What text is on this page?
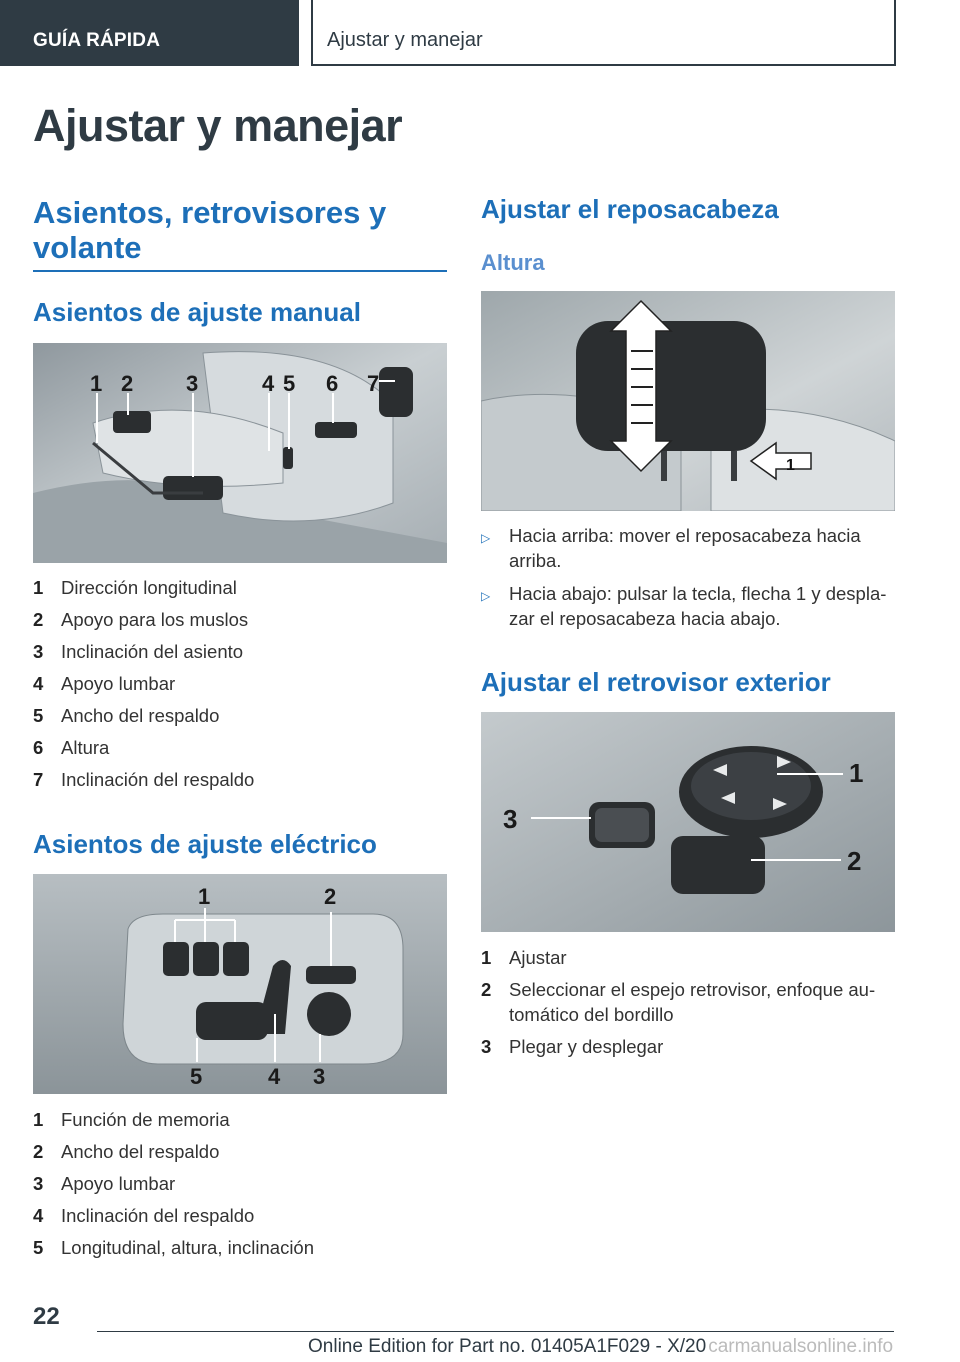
GUÍA RÁPIDA	Ajustar y manejar
Ajustar y manejar
Asientos, retrovisores y volante
Asientos de ajuste manual
1 2 3	4 5 6 7
1 Dirección longitudinal
2 Apoyo para los muslos
3 Inclinación del asiento
4 Apoyo lumbar
5 Ancho del respaldo
6 Altura
7 Inclinación del respaldo
Asientos de ajuste eléctrico
1	2
5	4 3
1 Función de memoria
2 Ancho del respaldo
3 Apoyo lumbar
4 Inclinación del respaldo
5 Longitudinal, altura, inclinación
Ajustar el reposacabeza
Altura
1
▷	Hacia arriba: mover el reposacabeza hacia arriba.
▷	Hacia abajo: pulsar la tecla, flecha 1 y despla‐ zar el reposacabeza hacia abajo.
Ajustar el retrovisor exterior
3
1
2
1 Ajustar
2 Seleccionar el espejo retrovisor, enfoque au‐ tomático del bordillo
3 Plegar y desplegar
22
Online Edition for Part no. 01405A1F029 - X/20 carmanualsonline.info
